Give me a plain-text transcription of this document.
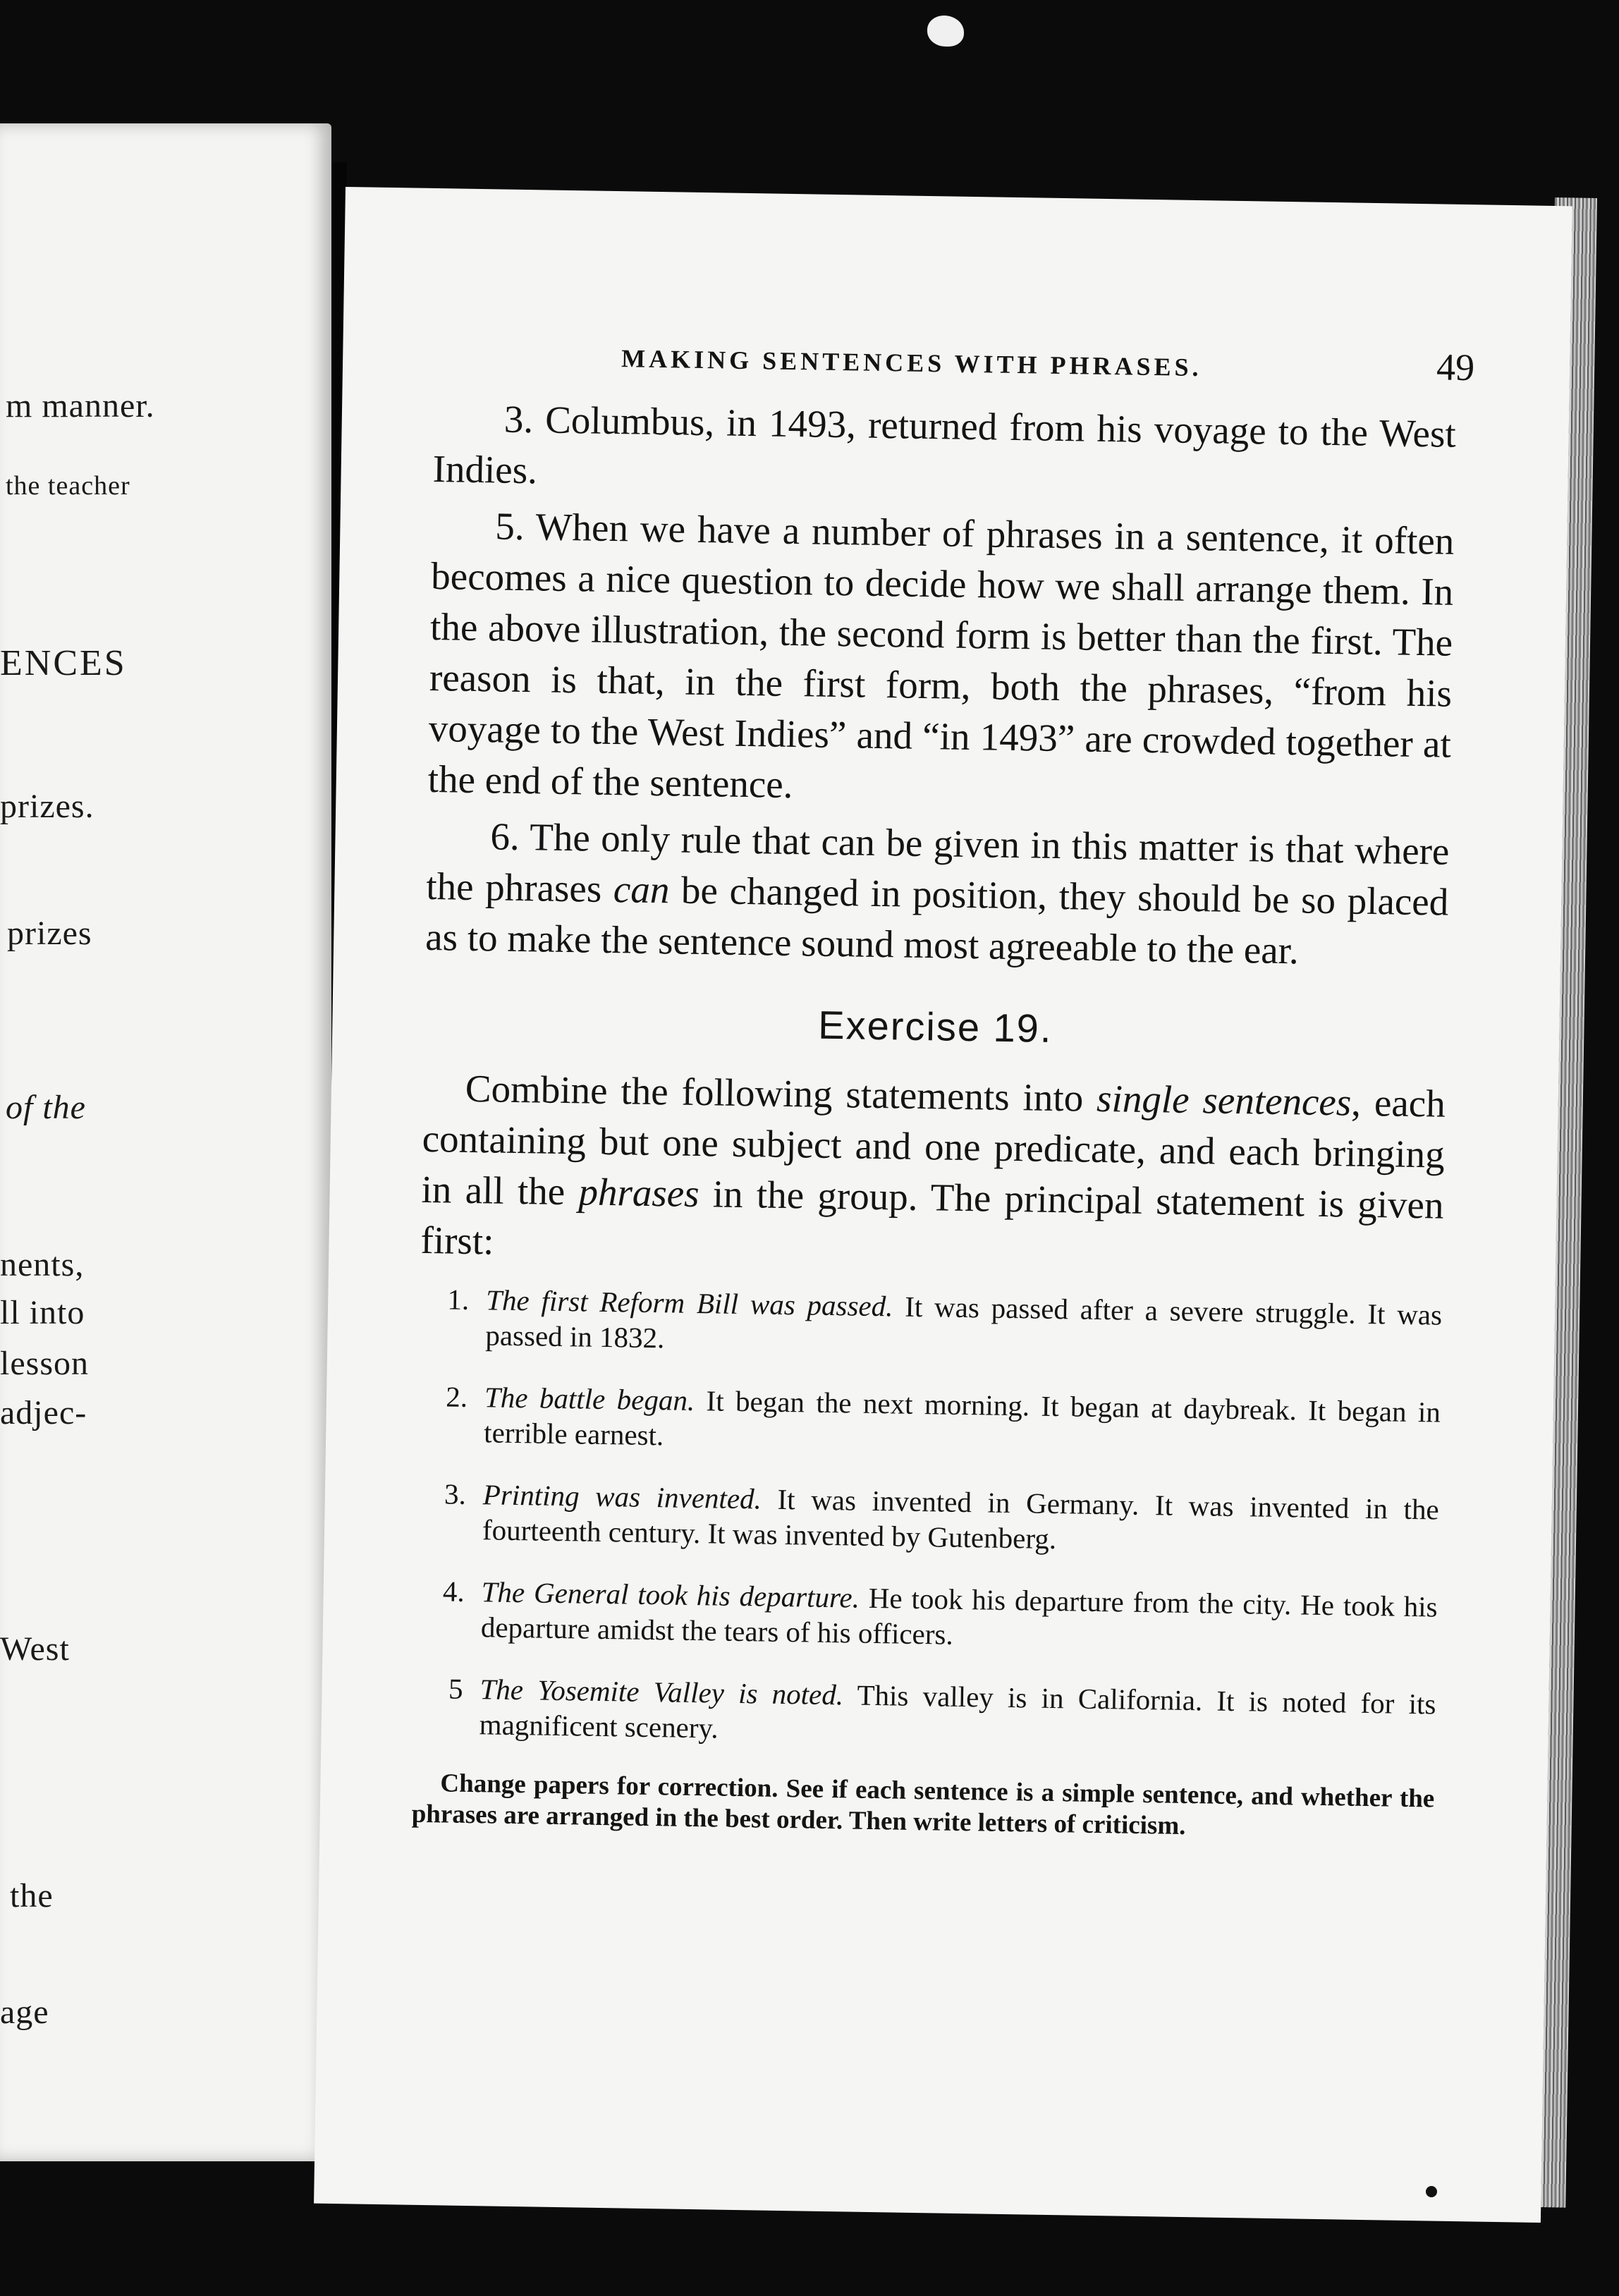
m manner.
the teacher
ENCES
prizes.
prizes
of the
nents,
ll into
lesson
adjec-
West
the
age
MAKING SENTENCES WITH PHRASES.	49

3. Columbus, in 1493, returned from his voyage to the West Indies.

5. When we have a number of phrases in a sentence, it often becomes a nice question to decide how we shall arrange them. In the above illustration, the second form is better than the first. The reason is that, in the first form, both the phrases, “from his voyage to the West Indies” and “in 1493” are crowded together at the end of the sentence.

6. The only rule that can be given in this matter is that where the phrases can be changed in position, they should be so placed as to make the sentence sound most agreeable to the ear.

Exercise 19.

Combine the following statements into single sentences, each containing but one subject and one predicate, and each bringing in all the phrases in the group. The principal statement is given first:

1. The first Reform Bill was passed. It was passed after a severe struggle. It was passed in 1832.
2. The battle began. It began the next morning. It began at daybreak. It began in terrible earnest.
3. Printing was invented. It was invented in Germany. It was invented in the fourteenth century. It was invented by Gutenberg.
4. The General took his departure. He took his departure from the city. He took his departure amidst the tears of his officers.
5 The Yosemite Valley is noted. This valley is in California. It is noted for its magnificent scenery.

Change papers for correction. See if each sentence is a simple sentence, and whether the phrases are arranged in the best order. Then write letters of criticism.
